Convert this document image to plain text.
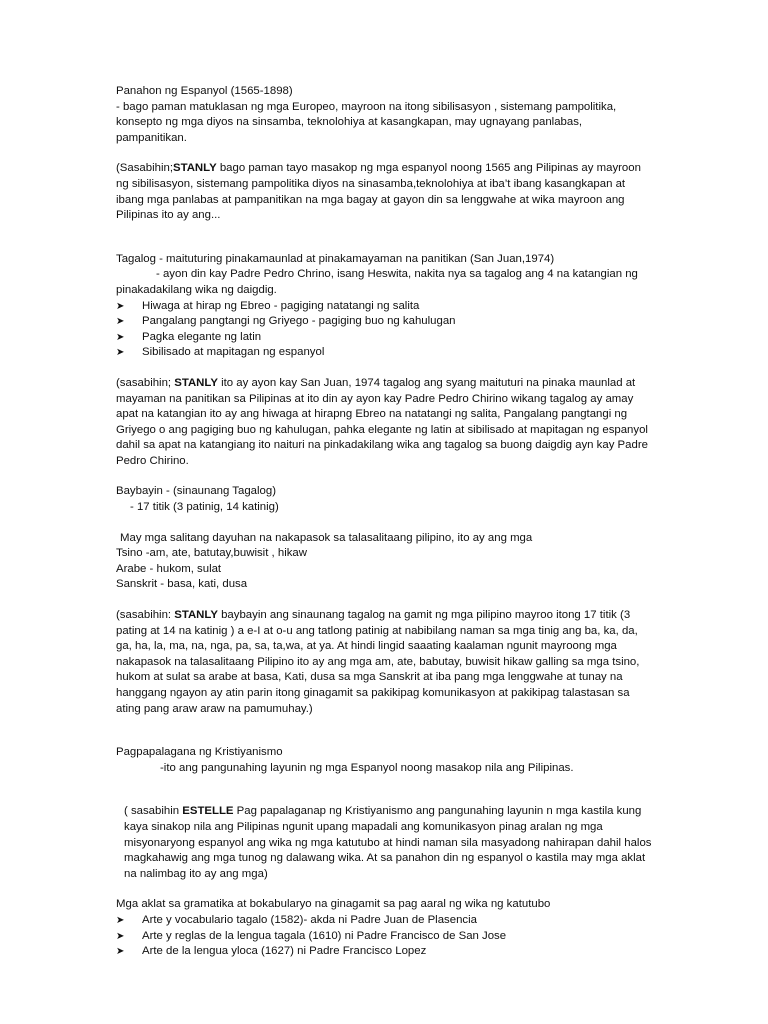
Panahon ng Espanyol (1565-1898)

- bago paman matuklasan ng mga Europeo, mayroon na itong sibilisasyon , sistemang pampolitika, konsepto ng mga diyos na sinsamba, teknolohiya at kasangkapan, may ugnayang panlabas, pampanitikan.

(Sasabihin;STANLY bago paman tayo masakop ng mga espanyol noong 1565 ang Pilipinas ay mayroon ng sibilisasyon, sistemang pampolitika diyos na sinasamba,teknolohiya at iba’t ibang kasangkapan at ibang mga panlabas at pampanitikan na mga bagay at gayon din sa lenggwahe at wika mayroon ang Pilipinas ito ay ang...

Tagalog - maituturing pinakamaunlad at pinakamayaman na panitikan (San Juan,1974)

- ayon din kay Padre Pedro Chrino, isang Heswita, nakita nya sa tagalog ang 4 na katangian ng pinakadakilang wika ng daigdig.

➤ Hiwaga at hirap ng Ebreo - pagiging natatangi ng salita
➤ Pangalang pangtangi ng Griyego - pagiging buo ng kahulugan
➤ Pagka elegante ng latin
➤ Sibilisado at mapitagan ng espanyol

(sasabihin; STANLY ito ay ayon kay San Juan, 1974 tagalog ang syang maituturi na pinaka maunlad at mayaman na panitikan sa Pilipinas at ito din ay ayon kay Padre Pedro Chirino wikang tagalog ay amay apat na katangian ito ay ang hiwaga at hirapng Ebreo na natatangi ng salita, Pangalang pangtangi ng Griyego o ang pagiging buo ng kahulugan, pahka elegante ng latin at sibilisado at mapitagan ng espanyol dahil sa apat na katangiang ito naituri na pinkadakilang wika ang tagalog sa buong daigdig ayn kay Padre Pedro Chirino.

Baybayin - (sinaunang Tagalog)

- 17 titik (3 patinig, 14 katinig)

May mga salitang dayuhan na nakapasok sa talasalitaang pilipino, ito ay ang mga

Tsino -am, ate, batutay,buwisit , hikaw

Arabe - hukom, sulat

Sanskrit - basa, kati, dusa

(sasabihin: STANLY baybayin ang sinaunang tagalog na gamit ng mga pilipino mayroo itong 17 titik (3 pating at 14 na katinig ) a e-I at o-u ang tatlong patinig at nabibilang naman sa mga tinig ang ba, ka, da, ga, ha, la, ma, na, nga, pa, sa, ta,wa, at ya. At hindi lingid saaating kaalaman ngunit mayroong mga nakapasok na talasalitaang Pilipino ito ay ang mga am, ate, babutay, buwisit hikaw galling sa mga tsino, hukom at sulat sa arabe at basa, Kati, dusa sa mga Sanskrit at iba pang mga lenggwahe at tunay na hanggang ngayon ay atin parin itong ginagamit sa pakikipag komunikasyon at pakikipag talastasan sa ating pang araw araw na pamumuhay.)

Pagpapalagana ng Kristiyanismo

-ito ang pangunahing layunin ng mga Espanyol noong masakop nila ang Pilipinas.

( sasabihin ESTELLE Pag papalaganap ng Kristiyanismo ang pangunahing layunin n mga kastila kung kaya sinakop nila ang Pilipinas ngunit upang mapadali ang komunikasyon pinag aralan ng mga misyonaryong espanyol ang wika ng mga katutubo at hindi naman sila masyadong nahirapan dahil halos magkahawig ang mga tunog ng dalawang wika. At sa panahon din ng espanyol o kastila may mga aklat na nalimbag ito ay ang mga)

Mga aklat sa gramatika at bokabularyo na ginagamit sa pag aaral ng wika ng katutubo

➤ Arte y vocabulario tagalo (1582)- akda ni Padre Juan de Plasencia
➤ Arte y reglas de la lengua tagala (1610) ni Padre Francisco de San Jose
➤ Arte de la lengua yloca (1627) ni Padre Francisco Lopez
